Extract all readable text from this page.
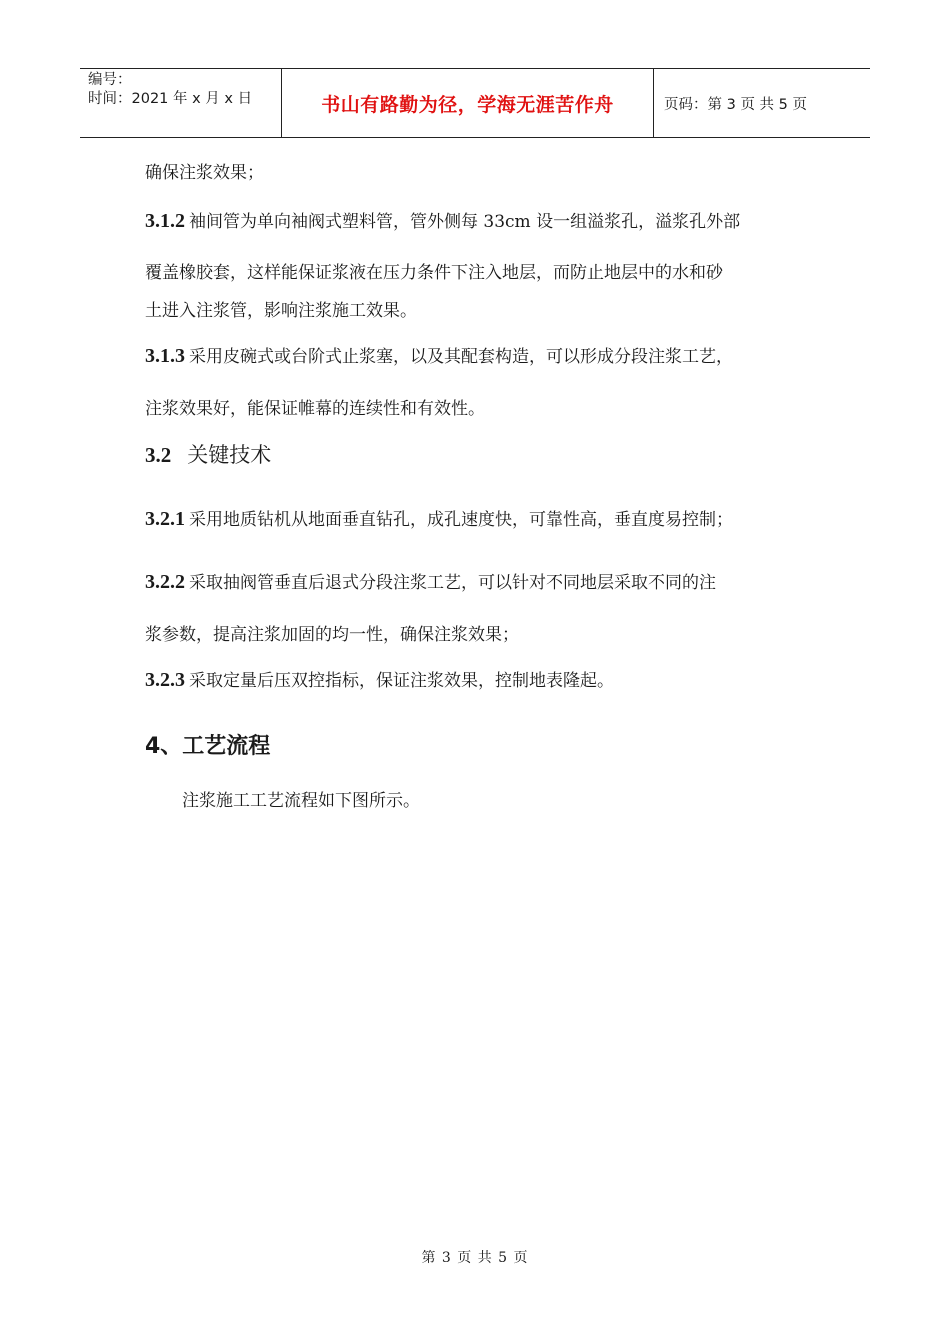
编号：
时间：2021 年 x 月 x 日	书山有路勤为径，学海无涯苦作舟	页码：第 3 页 共 5 页
确保注浆效果；
3.1.2 袖间管为单向袖阀式塑料管，管外侧每 33cm 设一组溢浆孔，溢浆孔外部
覆盖橡胶套，这样能保证浆液在压力条件下注入地层，而防止地层中的水和砂
土进入注浆管，影响注浆施工效果。
3.1.3 采用皮碗式或台阶式止浆塞，以及其配套构造，可以形成分段注浆工艺，
注浆效果好，能保证帷幕的连续性和有效性。
3.2 关键技术
3.2.1 采用地质钻机从地面垂直钻孔，成孔速度快，可靠性高，垂直度易控制；
3.2.2 采取抽阀管垂直后退式分段注浆工艺，可以针对不同地层采取不同的注
浆参数，提高注浆加固的均一性，确保注浆效果；
3.2.3 采取定量后压双控指标，保证注浆效果，控制地表隆起。
4、工艺流程
注浆施工工艺流程如下图所示。
第 3 页 共 5 页
